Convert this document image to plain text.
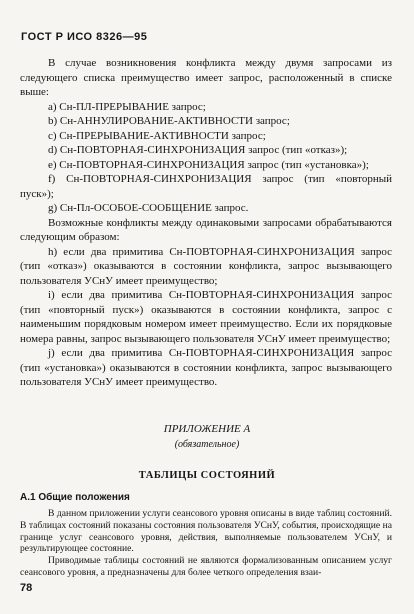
ГОСТ Р ИСО 8326—95

В случае возникновения конфликта между двумя запросами из следующего списка преимущество имеет запрос, расположенный в списке выше:

a) Сн-ПЛ-ПРЕРЫВАНИЕ запрос;

b) Сн-АННУЛИРОВАНИЕ-АКТИВНОСТИ запрос;

c) Сн-ПРЕРЫВАНИЕ-АКТИВНОСТИ запрос;

d) Сн-ПОВТОРНАЯ-СИНХРОНИЗАЦИЯ запрос (тип «отказ»);

e) Сн-ПОВТОРНАЯ-СИНХРОНИЗАЦИЯ запрос (тип «установка»);

f) Сн-ПОВТОРНАЯ-СИНХРОНИЗАЦИЯ запрос (тип «повторный пуск»);

g) Сн-Пл-ОСОБОЕ-СООБЩЕНИЕ запрос.

Возможные конфликты между одинаковыми запросами обрабатываются следующим образом:

h) если два примитива Сн-ПОВТОРНАЯ-СИНХРОНИЗАЦИЯ запрос (тип «отказ») оказываются в состоянии конфликта, запрос вызывающего пользователя УСнУ имеет преимущество;

i) если два примитива Сн-ПОВТОРНАЯ-СИНХРОНИЗАЦИЯ запрос (тип «повторный пуск») оказываются в состоянии конфликта, запрос с наименьшим порядковым номером имеет преимущество. Если их порядковые номера равны, запрос вызывающего пользователя УСнУ имеет преимущество;

j) если два примитива Сн-ПОВТОРНАЯ-СИНХРОНИЗАЦИЯ запрос (тип «установка») оказываются в состоянии конфликта, запрос вызывающего пользователя УСнУ имеет преимущество.

ПРИЛОЖЕНИЕ А
(обязательное)
ТАБЛИЦЫ СОСТОЯНИЙ
А.1 Общие положения

В данном приложении услуги сеансового уровня описаны в виде таблиц состояний. В таблицах состояний показаны состояния пользователя УСнУ, события, происходящие на границе услуг сеансового уровня, действия, выполняемые пользователем УСнУ, и результирующее состояние.

Приводимые таблицы состояний не являются формализованным описанием услуг сеансового уровня, а предназначены для более четкого определения взаи-

78
